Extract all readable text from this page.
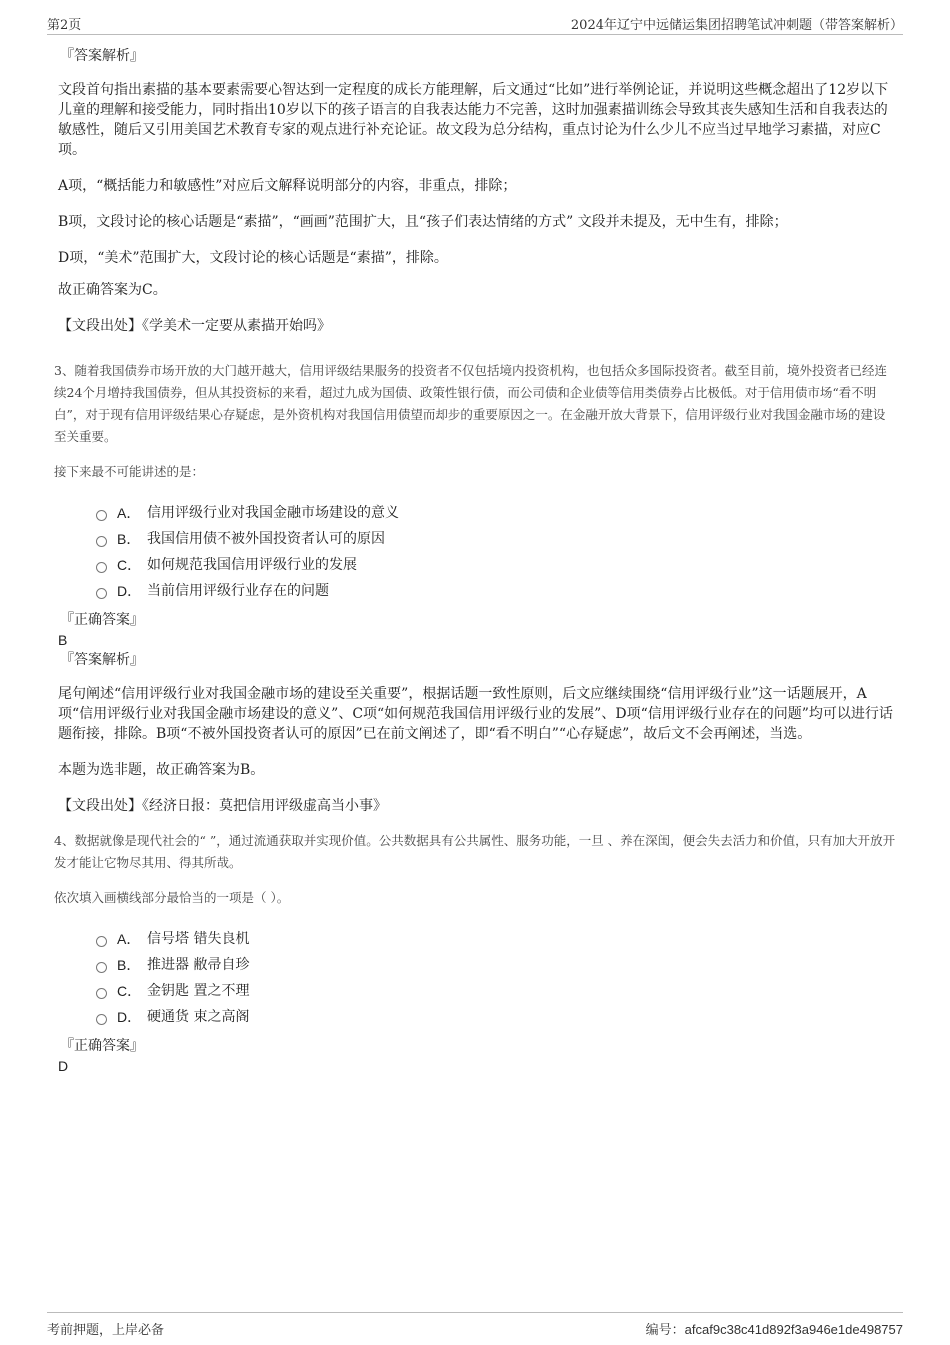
第2页	2024年辽宁中远储运集团招聘笔试冲刺题（带答案解析）

『答案解析』

文段首句指出素描的基本要素需要心智达到一定程度的成长方能理解，后文通过“比如”进行举例论证，并说明这些概念超出了12岁以下儿童的理解和接受能力，同时指出10岁以下的孩子语言的自我表达能力不完善，这时加强素描训练会导致其丧失感知生活和自我表达的敏感性，随后又引用美国艺术教育专家的观点进行补充论证。故文段为总分结构，重点讨论为什么少儿不应当过早地学习素描，对应C项。

A项，“概括能力和敏感性”对应后文解释说明部分的内容，非重点，排除；

B项，文段讨论的核心话题是“素描”，“画画”范围扩大，且“孩子们表达情绪的方式” 文段并未提及，无中生有，排除；

D项，“美术”范围扩大，文段讨论的核心话题是“素描”，排除。

故正确答案为C。

【文段出处】《学美术一定要从素描开始吗》

3、随着我国债券市场开放的大门越开越大，信用评级结果服务的投资者不仅包括境内投资机构，也包括众多国际投资者。截至目前，境外投资者已经连续24个月增持我国债券，但从其投资标的来看，超过九成为国债、政策性银行债，而公司债和企业债等信用类债券占比极低。对于信用债市场“看不明白”，对于现有信用评级结果心存疑虑，是外资机构对我国信用债望而却步的重要原因之一。在金融开放大背景下，信用评级行业对我国金融市场的建设至关重要。

接下来最不可能讲述的是：

A． 信用评级行业对我国金融市场建设的意义
B． 我国信用债不被外国投资者认可的原因
C． 如何规范我国信用评级行业的发展
D． 当前信用评级行业存在的问题

『正确答案』

B

『答案解析』

尾句阐述“信用评级行业对我国金融市场的建设至关重要”，根据话题一致性原则，后文应继续围绕“信用评级行业”这一话题展开，A项“信用评级行业对我国金融市场建设的意义”、C项“如何规范我国信用评级行业的发展”、D项“信用评级行业存在的问题”均可以进行话题衔接，排除。B项“不被外国投资者认可的原因”已在前文阐述了，即“看不明白”“心存疑虑”，故后文不会再阐述，当选。

本题为选非题，故正确答案为B。

【文段出处】《经济日报：莫把信用评级虚高当小事》

4、数据就像是现代社会的“ ”，通过流通获取并实现价值。公共数据具有公共属性、服务功能，一旦 、养在深闺，便会失去活力和价值，只有加大开放开发才能让它物尽其用、得其所哉。

依次填入画横线部分最恰当的一项是（ ）。

A． 信号塔 错失良机
B． 推进器 敝帚自珍
C． 金钥匙 置之不理
D． 硬通货 束之高阁

『正确答案』

D

考前押题，上岸必备	编号：afcaf9c38c41d892f3a946e1de498757
